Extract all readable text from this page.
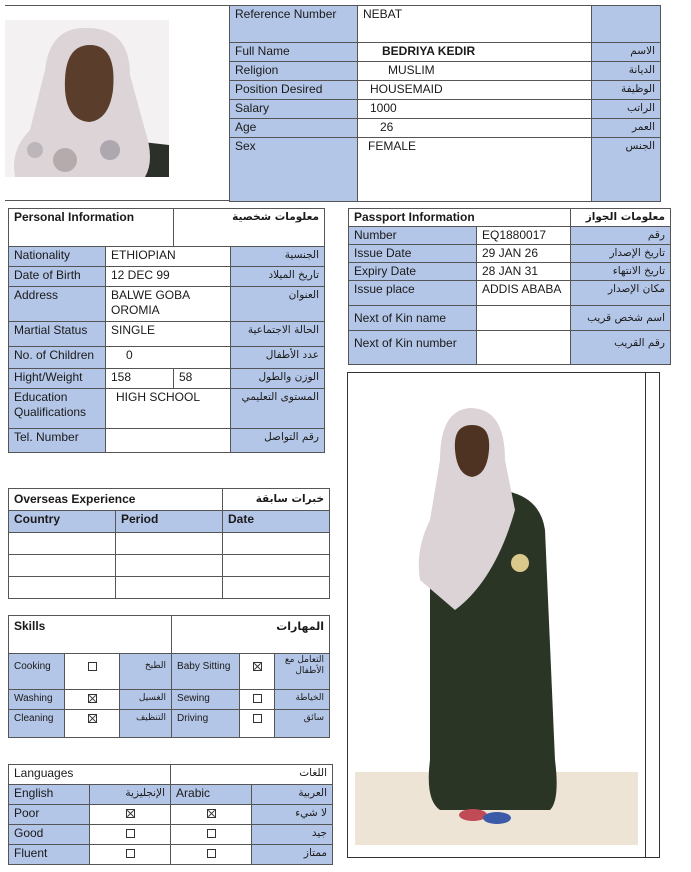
Reference Number	NEBAT	
Full Name	BEDRIYA KEDIR	الاسم
Religion	MUSLIM	الديانة
Position Desired	HOUSEMAID	الوظيفة
Salary	1000	الراتب
Age	26	العمر
Sex	FEMALE	الجنس
Personal Information		معلومات شخصية	
Nationality	ETHIOPIAN		الجنسية
Date of Birth	12 DEC 99		تاريخ الميلاد
Address	BALWE GOBA OROMIA		العنوان
Martial Status	SINGLE		الحالة الاجتماعية
No. of Children	0		عدد الأطفال
Hight/Weight	158	58	الوزن والطول
Education Qualifications	HIGH SCHOOL		المستوى التعليمي
Tel. Number			رقم التواصل
Passport Information		معلومات الجواز
Number	EQ1880017	رقم
Issue Date	29 JAN 26	تاريخ الإصدار
Expiry Date	28 JAN 31	تاريخ الانتهاء
Issue place	ADDIS ABABA	مكان الإصدار
Next of Kin name		اسم شخص قريب
Next of Kin number		رقم القريب
Overseas Experience		خبرات سابقة
Country	Period	Date

Skills			المهارات		
Cooking		الطبخ	Baby Sitting		التعامل مع الأطفال
Washing		الغسيل	Sewing		الخياطة
Cleaning		التنظيف	Driving		سائق
Languages		اللغات	
English	الإنجليزية	Arabic	العربية
Poor			لا شيء
Good			جيد
Fluent			ممتاز
